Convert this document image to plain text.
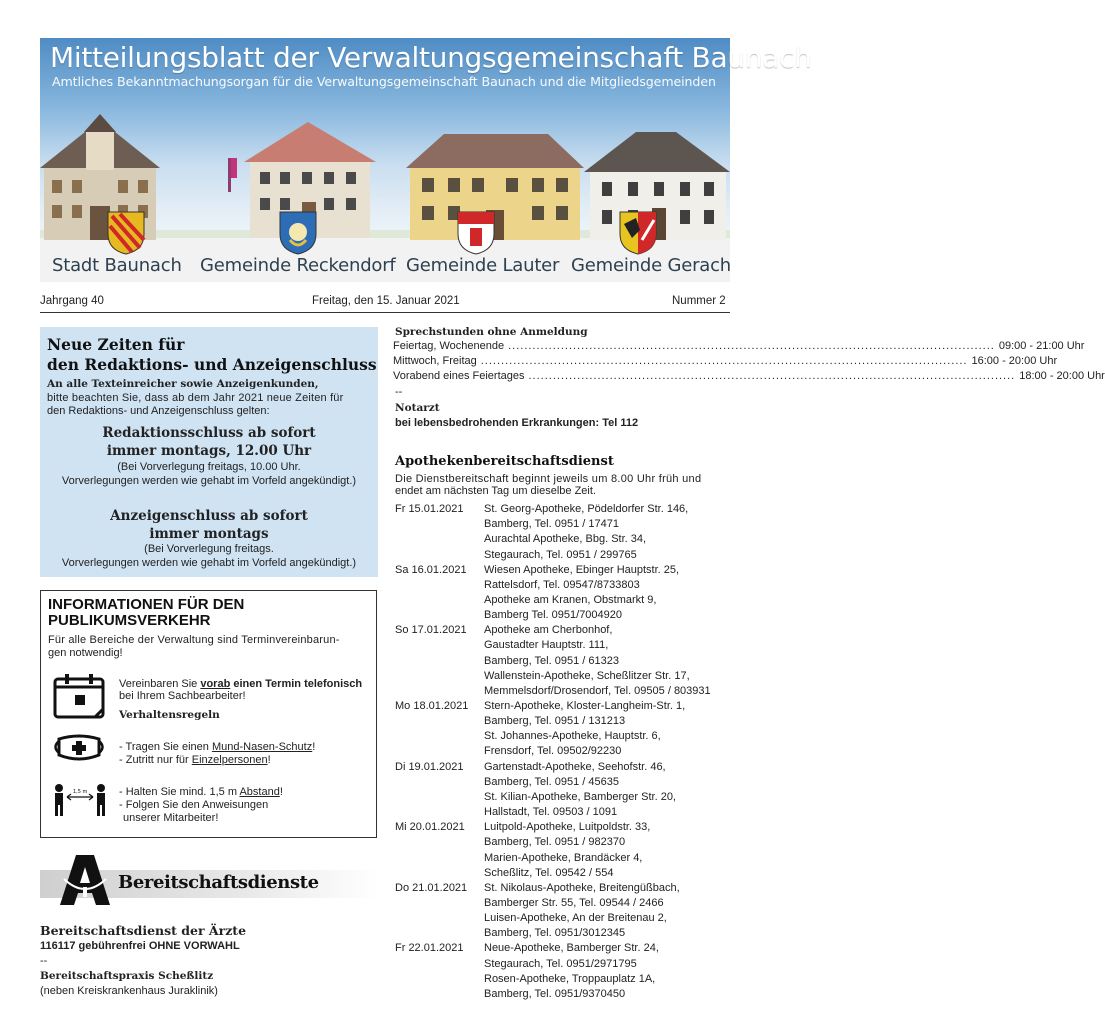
Mitteilungsblatt der Verwaltungsgemeinschaft Baunach
Amtliches Bekanntmachungsorgan für die Verwaltungsgemeinschaft Baunach und die Mitgliedsgemeinden
Stadt Baunach Gemeinde Reckendorf Gemeinde Lauter Gemeinde Gerach
Jahrgang 40	Freitag, den 15. Januar 2021	Nummer 2
Neue Zeiten für
den Redaktions- und Anzeigenschluss
An alle Texteinreicher sowie Anzeigenkunden,
bitte beachten Sie, dass ab dem Jahr 2021 neue Zeiten für
den Redaktions- und Anzeigenschluss gelten:
Redaktionsschluss ab sofort
immer montags, 12.00 Uhr
(Bei Vorverlegung freitags, 10.00 Uhr.
Vorverlegungen werden wie gehabt im Vorfeld angekündigt.)
Anzeigenschluss ab sofort
immer montags
(Bei Vorverlegung freitags.
Vorverlegungen werden wie gehabt im Vorfeld angekündigt.)
INFORMATIONEN FÜR DEN
PUBLIKUMSVERKEHR
Für alle Bereiche der Verwaltung sind Terminvereinbarun-
gen notwendig!
Vereinbaren Sie vorab einen Termin telefonisch
bei Ihrem Sachbearbeiter!
Verhaltensregeln
- Tragen Sie einen Mund-Nasen-Schutz!
- Zutritt nur für Einzelpersonen!
1,5 m	- Halten Sie mind. 1,5 m Abstand!
- Folgen Sie den Anweisungen
unserer Mitarbeiter!
Bereitschaftsdienste
Bereitschaftsdienst der Ärzte
116117 gebührenfrei OHNE VORWAHL
--
Bereitschaftspraxis Scheßlitz
(neben Kreiskrankenhaus Juraklinik)
Sprechstunden ohne Anmeldung
Feiertag, Wochenende .....	09:00 - 21:00 Uhr
Mittwoch, Freitag .....	16:00 - 20:00 Uhr
Vorabend eines Feiertages .....	18:00 - 20:00 Uhr
--
Notarzt
bei lebensbedrohenden Erkrankungen: Tel 112
Apothekenbereitschaftsdienst
Die Dienstbereitschaft beginnt jeweils um 8.00 Uhr früh und
endet am nächsten Tag um dieselbe Zeit.
Fr 15.01.2021 St. Georg-Apotheke, Pödeldorfer Str. 146,
Bamberg, Tel. 0951 / 17471
Aurachtal Apotheke, Bbg. Str. 34,
Stegaurach, Tel. 0951 / 299765
Sa 16.01.2021 Wiesen Apotheke, Ebinger Hauptstr. 25,
Rattelsdorf, Tel. 09547/8733803
Apotheke am Kranen, Obstmarkt 9,
Bamberg Tel. 0951/7004920
So 17.01.2021 Apotheke am Cherbonhof,
Gaustadter Hauptstr. 111,
Bamberg, Tel. 0951 / 61323
Wallenstein-Apotheke, Scheßlitzer Str. 17,
Memmelsdorf/Drosendorf, Tel. 09505 / 803931
Mo 18.01.2021 Stern-Apotheke, Kloster-Langheim-Str. 1,
Bamberg, Tel. 0951 / 131213
St. Johannes-Apotheke, Hauptstr. 6,
Frensdorf, Tel. 09502/92230
Di 19.01.2021 Gartenstadt-Apotheke, Seehofstr. 46,
Bamberg, Tel. 0951 / 45635
St. Kilian-Apotheke, Bamberger Str. 20,
Hallstadt, Tel. 09503 / 1091
Mi 20.01.2021 Luitpold-Apotheke, Luitpoldstr. 33,
Bamberg, Tel. 0951 / 982370
Marien-Apotheke, Brandäcker 4,
Scheßlitz, Tel. 09542 / 554
Do 21.01.2021 St. Nikolaus-Apotheke, Breitengüßbach,
Bamberger Str. 55, Tel. 09544 / 2466
Luisen-Apotheke, An der Breitenau 2,
Bamberg, Tel. 0951/3012345
Fr 22.01.2021 Neue-Apotheke, Bamberger Str. 24,
Stegaurach, Tel. 0951/2971795
Rosen-Apotheke, Troppauplatz 1A,
Bamberg, Tel. 0951/9370450
